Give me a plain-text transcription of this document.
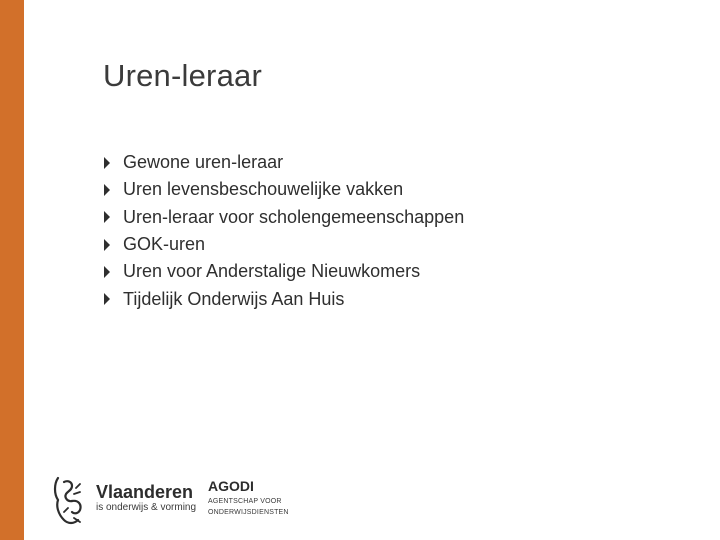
Uren-leraar
Gewone uren-leraar
Uren levensbeschouwelijke vakken
Uren-leraar voor scholengemeenschappen
GOK-uren
Uren voor Anderstalige Nieuwkomers
Tijdelijk Onderwijs Aan Huis
Vlaanderen
is onderwijs & vorming
AGODI
AGENTSCHAP VOOR
ONDERWIJSDIENSTEN
